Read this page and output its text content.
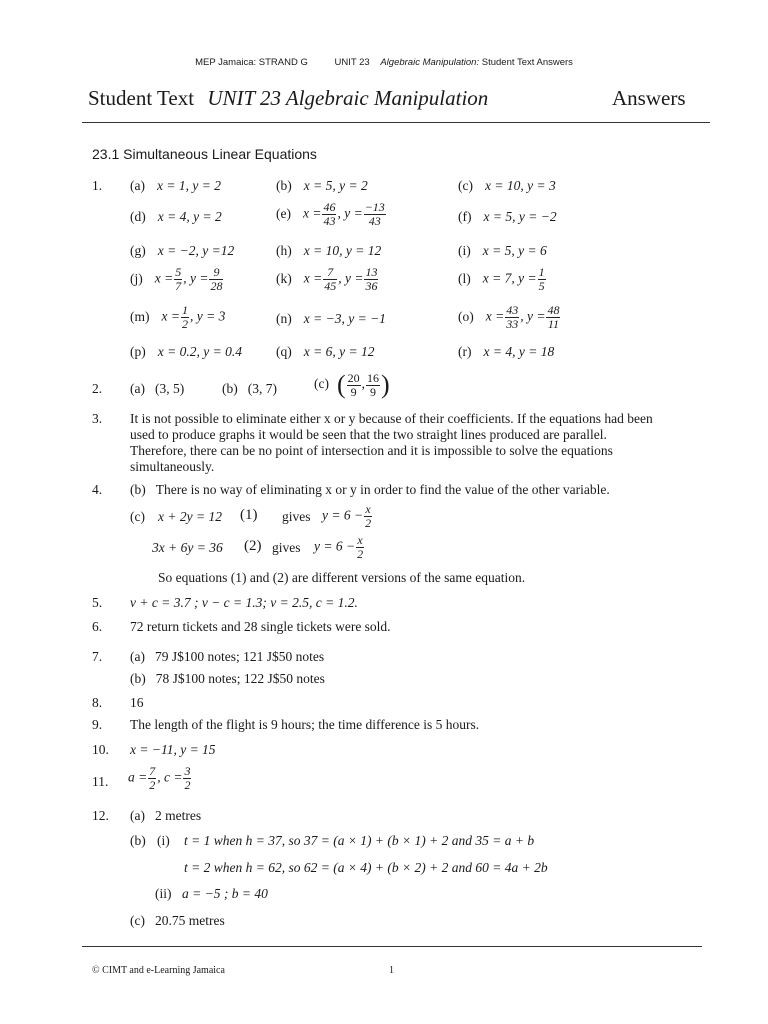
MEP Jamaica: STRAND G	UNIT 23 Algebraic Manipulation: Student Text Answers
Student Text UNIT 23 Algebraic Manipulation	Answers
23.1 Simultaneous Linear Equations
1. (a) x = 1, y = 2	(b) x = 5, y = 2	(c) x = 10, y = 3
(d) x = 4, y = 2	(e) $x = \frac{46}{43}$ , $y = \frac{-13}{43}$	(f) x = 5, y = −2
(g) x = −2, y =12	(h) x = 10, y = 12	(i) x = 5, y = 6
(j) $x = \frac{5}{7}$ , $y = \frac{9}{28}$	(k) $x = \frac{7}{45}$ , $y = \frac{13}{36}$	(l) x = 7, $y = \frac{1}{5}$
(m) $x = \frac{1}{2}$ , y = 3	(n) x = −3, y = −1	(o) $x = \frac{43}{33}$ , $y = \frac{48}{11}$
(p) x = 0.2, y = 0.4	(q) x = 6, y = 12	(r) x = 4, y = 18
2. (a) (3, 5)	(b) (3, 7)	(c) ( $\frac{20}{9}$ , $\frac{16}{9}$ )
3. It is not possible to eliminate either x or y because of their coefficients. If the equations had been
used to produce graphs it would be seen that the two straight lines produced are parallel.
Therefore, there can be no point of intersection and it is impossible to solve the equations
simultaneously.
4. (b) There is no way of eliminating x or y in order to find the value of the other variable.
(c) x + 2y = 12 (1) gives $y = 6 - \frac{x}{2}$
3x + 6y = 36 (2) gives $y = 6 - \frac{x}{2}$
So equations (1) and (2) are different versions of the same equation.
5. v + c = 3.7 ; v − c = 1.3; v = 2.5, c = 1.2.
6. 72 return tickets and 28 single tickets were sold.
7. (a) 79 J$100 notes; 121 J$50 notes
(b) 78 J$100 notes; 122 J$50 notes
8. 16
9. The length of the flight is 9 hours; the time difference is 5 hours.
10. x = −11, y = 15
11. $a = \frac{7}{2}$ , $c = \frac{3}{2}$
12. (a) 2 metres
(b) (i) t = 1 when h = 37, so 37 = (a × 1) + (b × 1) + 2 and 35 = a + b
t = 2 when h = 62, so 62 = (a × 4) + (b × 2) + 2 and 60 = 4a + 2b
(ii) a = −5 ; b = 40
(c) 20.75 metres
© CIMT and e-Learning Jamaica	1
